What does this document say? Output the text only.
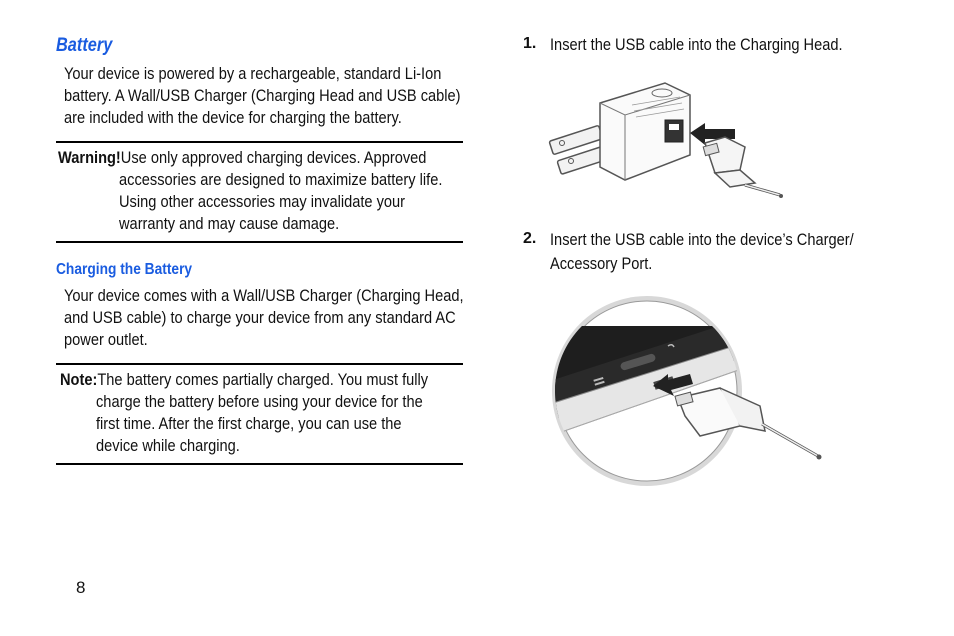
Battery
Your device is powered by a rechargeable, standard Li-Ion
battery. A Wall/USB Charger (Charging Head and USB cable)
are included with the device for charging the battery.
Warning!Use only approved charging devices. Approved
accessories are designed to maximize battery life.
Using other accessories may invalidate your
warranty and may cause damage.
Charging the Battery
Your device comes with a Wall/USB Charger (Charging Head,
and USB cable) to charge your device from any standard AC
power outlet.
Note:The battery comes partially charged. You must fully
charge the battery before using your device for the
first time. After the first charge, you can use the
device while charging.
8
1. Insert the USB cable into the Charging Head.
2. Insert the USB cable into the device’s Charger/
Accessory Port.
